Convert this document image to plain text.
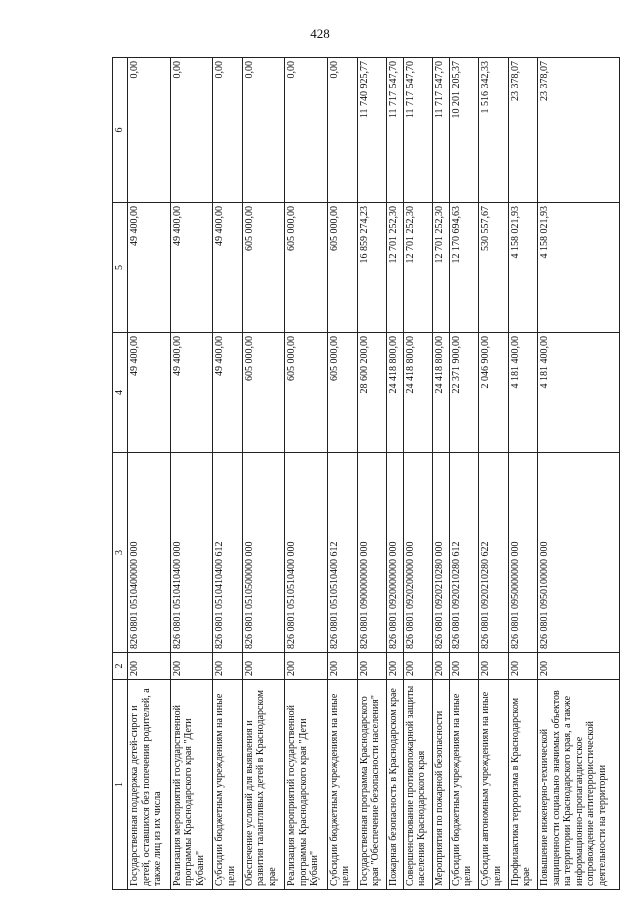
428
1	2	3	4	5	6
Государственная поддержка детей-сирот и детей, оставшихся без попечения родителей, а также лиц из их числа	200	826 0801 0510400000 000	49 400,00	49 400,00	0,00
Реализация мероприятий государственной программы Краснодарского края "Дети Кубани"	200	826 0801 0510410400 000	49 400,00	49 400,00	0,00
Субсидии бюджетным учреждениям на иные цели	200	826 0801 0510410400 612	49 400,00	49 400,00	0,00
Обеспечение условий для выявления и развития талантливых детей в Краснодарском крае	200	826 0801 0510500000 000	605 000,00	605 000,00	0,00
Реализация мероприятий государственной программы Краснодарского края "Дети Кубани"	200	826 0801 0510510400 000	605 000,00	605 000,00	0,00
Субсидии бюджетным учреждениям на иные цели	200	826 0801 0510510400 612	605 000,00	605 000,00	0,00
Государственная программа Краснодарского края "Обеспечение безопасности населения"	200	826 0801 0900000000 000	28 600 200,00	16 859 274,23	11 740 925,77
Пожарная безопасность в Краснодарском крае	200	826 0801 0920000000 000	24 418 800,00	12 701 252,30	11 717 547,70
Совершенствование противопожарной защиты населения Краснодарского края	200	826 0801 0920200000 000	24 418 800,00	12 701 252,30	11 717 547,70
Мероприятия по пожарной безопасности	200	826 0801 0920210280 000	24 418 800,00	12 701 252,30	11 717 547,70
Субсидии бюджетным учреждениям на иные цели	200	826 0801 0920210280 612	22 371 900,00	12 170 694,63	10 201 205,37
Субсидии автономным учреждениям на иные цели	200	826 0801 0920210280 622	2 046 900,00	530 557,67	1 516 342,33
Профилактика терроризма в Краснодарском крае	200	826 0801 0950000000 000	4 181 400,00	4 158 021,93	23 378,07
Повышение инженерно-технической защищенности социально значимых объектов на территории Краснодарского края, а также информационно-пропагандистское сопровождение антитеррористической деятельности на территории	200	826 0801 0950100000 000	4 181 400,00	4 158 021,93	23 378,07
